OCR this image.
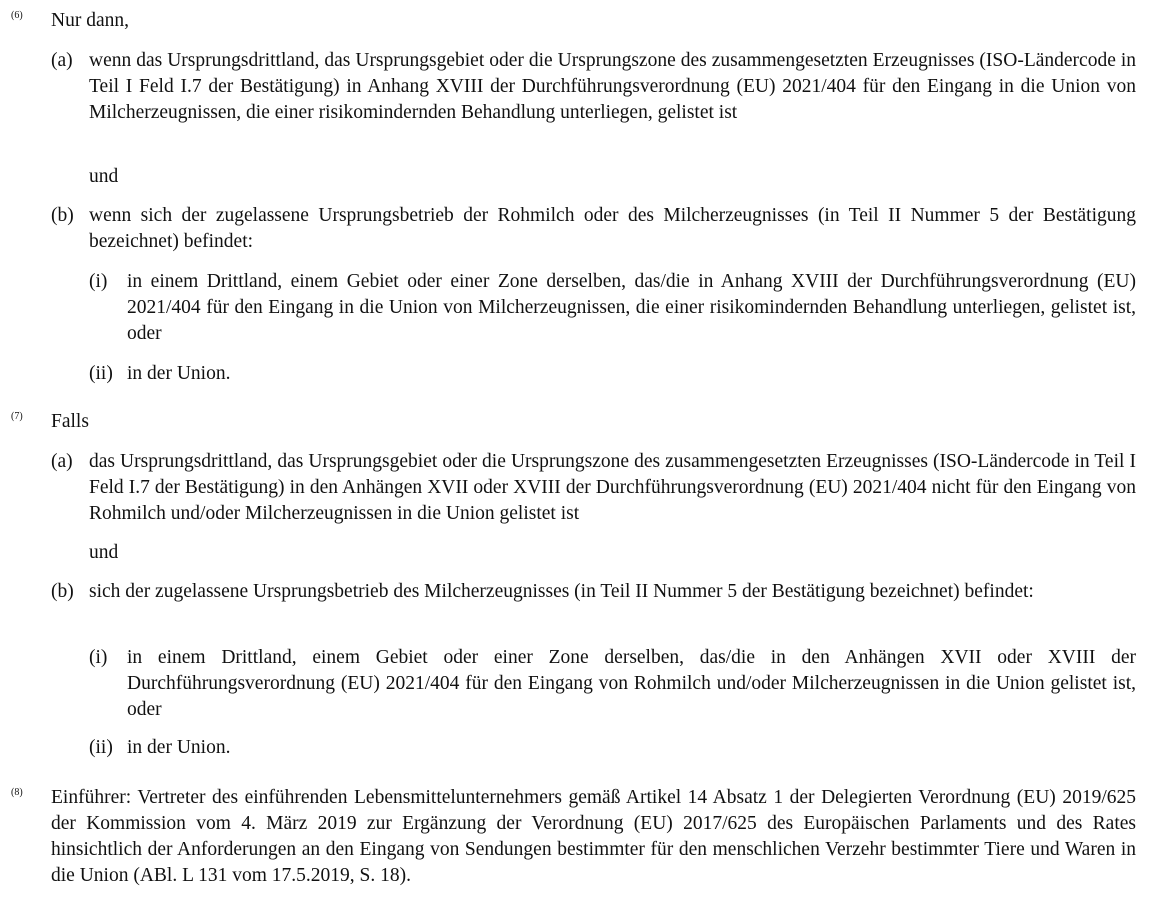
(6) Nur dann,
(a) wenn das Ursprungsdrittland, das Ursprungsgebiet oder die Ursprungszone des zusammengesetzten Erzeugnisses (ISO-Ländercode in Teil I Feld I.7 der Bestätigung) in Anhang XVIII der Durchführungsverordnung (EU) 2021/404 für den Eingang in die Union von Milcherzeugnissen, die einer risikomindernden Behandlung unterliegen, gelistet ist
und
(b) wenn sich der zugelassene Ursprungsbetrieb der Rohmilch oder des Milcherzeugnisses (in Teil II Nummer 5 der Bestätigung bezeichnet) befindet:
(i) in einem Drittland, einem Gebiet oder einer Zone derselben, das/die in Anhang XVIII der Durchführungsverordnung (EU) 2021/404 für den Eingang in die Union von Milcherzeugnissen, die einer risikomindernden Behandlung unterliegen, gelistet ist, oder
(ii) in der Union.
(7) Falls
(a) das Ursprungsdrittland, das Ursprungsgebiet oder die Ursprungszone des zusammengesetzten Erzeugnisses (ISO-Ländercode in Teil I Feld I.7 der Bestätigung) in den Anhängen XVII oder XVIII der Durchführungsverordnung (EU) 2021/404 nicht für den Eingang von Rohmilch und/oder Milcherzeugnissen in die Union gelistet ist
und
(b) sich der zugelassene Ursprungsbetrieb des Milcherzeugnisses (in Teil II Nummer 5 der Bestätigung bezeichnet) befindet:
(i) in einem Drittland, einem Gebiet oder einer Zone derselben, das/die in den Anhängen XVII oder XVIII der Durchführungsverordnung (EU) 2021/404 für den Eingang von Rohmilch und/oder Milcherzeugnissen in die Union gelistet ist, oder
(ii) in der Union.
(8) Einführer: Vertreter des einführenden Lebensmittelunternehmers gemäß Artikel 14 Absatz 1 der Delegierten Verordnung (EU) 2019/625 der Kommission vom 4. März 2019 zur Ergänzung der Verordnung (EU) 2017/625 des Europäischen Parlaments und des Rates hinsichtlich der Anforderungen an den Eingang von Sendungen bestimmter für den menschlichen Verzehr bestimmter Tiere und Waren in die Union (ABl. L 131 vom 17.5.2019, S. 18).
